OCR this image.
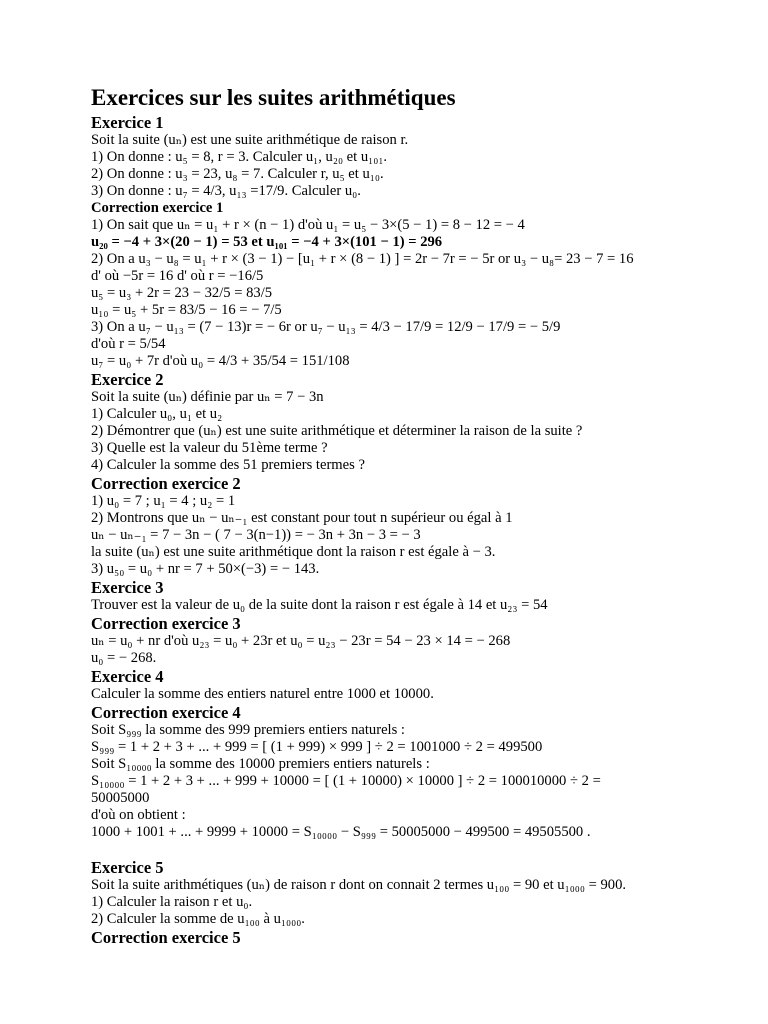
Exercices sur les suites arithmétiques
Exercice 1
Soit la suite (uₙ) est une suite arithmétique de raison r.
1) On donne : u₅ = 8, r = 3. Calculer u₁, u₂₀ et u₁₀₁.
2) On donne : u₃ = 23, u₈ = 7. Calculer r, u₅ et u₁₀.
3) On donne : u₇ = 4/3, u₁₃ =17/9. Calculer u₀.
Correction exercice 1
1) On sait que uₙ = u₁ + r × (n − 1) d'où u₁ = u₅ − 3×(5 − 1) = 8 − 12 = − 4
u₂₀ = −4 + 3×(20 − 1) = 53 et u₁₀₁ = −4 + 3×(101 − 1) = 296
2) On a u₃ − u₈ = u₁ + r × (3 − 1) − [u₁ + r × (8 − 1) ] = 2r − 7r = − 5r or u₃ − u₈= 23 − 7 = 16
d' où −5r = 16 d' où r = −16/5
u₅ = u₃ + 2r = 23 − 32/5 = 83/5
u₁₀ = u₅ + 5r = 83/5 − 16 = − 7/5
3) On a u₇ − u₁₃ = (7 − 13)r = − 6r or u₇ − u₁₃ = 4/3 − 17/9 = 12/9 − 17/9 = − 5/9
d'où r = 5/54
u₇ = u₀ + 7r d'où u₀ = 4/3 + 35/54 = 151/108
Exercice 2
Soit la suite (uₙ) définie par uₙ = 7 − 3n
1) Calculer u₀, u₁ et u₂
2) Démontrer que (uₙ) est une suite arithmétique et déterminer la raison de la suite ?
3) Quelle est la valeur du 51ème terme ?
4) Calculer la somme des 51 premiers termes ?
Correction exercice 2
1) u₀ = 7 ; u₁ = 4 ; u₂ = 1
2) Montrons que uₙ − uₙ₋₁ est constant pour tout n supérieur ou égal à 1
uₙ − uₙ₋₁ = 7 − 3n − ( 7 − 3(n−1)) = − 3n + 3n − 3 = − 3
la suite (uₙ) est une suite arithmétique dont la raison r est égale à − 3.
3) u₅₀ = u₀ + nr = 7 + 50×(−3) = − 143.
Exercice 3
Trouver est la valeur de u₀ de la suite dont la raison r est égale à 14 et u₂₃ = 54
Correction exercice 3
uₙ = u₀ + nr d'où u₂₃ = u₀ + 23r et u₀ = u₂₃ − 23r = 54 − 23 × 14 = − 268
u₀ = − 268.
Exercice 4
Calculer la somme des entiers naturel entre 1000 et 10000.
Correction exercice 4
Soit S₉₉₉ la somme des 999 premiers entiers naturels :
S₉₉₉ = 1 + 2 + 3 + ... + 999 = [ (1 + 999) × 999 ] ÷ 2 = 1001000 ÷ 2 = 499500
Soit S₁₀₀₀₀ la somme des 10000 premiers entiers naturels :
S₁₀₀₀₀ = 1 + 2 + 3 + ... + 999 + 10000 = [ (1 + 10000) × 10000 ] ÷ 2 = 100010000 ÷ 2 =
50005000
d'où on obtient :
1000 + 1001 + ... + 9999 + 10000 = S₁₀₀₀₀ − S₉₉₉ = 50005000 − 499500 = 49505500 .
Exercice 5
Soit la suite arithmétiques (uₙ) de raison r dont on connait 2 termes u₁₀₀ = 90 et u₁₀₀₀ = 900.
1) Calculer la raison r et u₀.
2) Calculer la somme de u₁₀₀ à u₁₀₀₀.
Correction exercice 5
